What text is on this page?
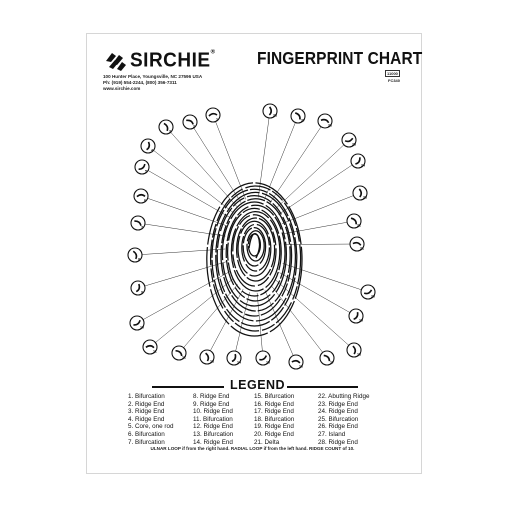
SIRCHIE®
100 Hunter Place, Youngsville, NC 27596 USA
Ph: (919) 554-2244, (800) 356-7311
www.sirchie.com
FINGERPRINT CHART
11000
FC340
1
2
3
4
5
6
7
8
9
10
11
12
13	14	15
16
17
18
19
20
21
22
23
24
25
26
27
28
LEGEND
1. Bifurcation
2. Ridge End
3. Ridge End
4. Ridge End
5. Core, one rod
6. Bifurcation
7. Bifurcation
8. Ridge End
9. Ridge End
10. Ridge End
11. Bifurcation
12. Ridge End
13. Bifurcation
14. Ridge End
15. Bifurcation
16. Ridge End
17. Ridge End
18. Bifurcation
19. Ridge End
20. Ridge End
21. Delta
22. Abutting Ridge
23. Ridge End
24. Ridge End
25. Bifurcation
26. Ridge End
27. Island
28. Ridge End
ULNAR LOOP if from the right hand. RADIAL LOOP if from the left hand. RIDGE COUNT of 10.
